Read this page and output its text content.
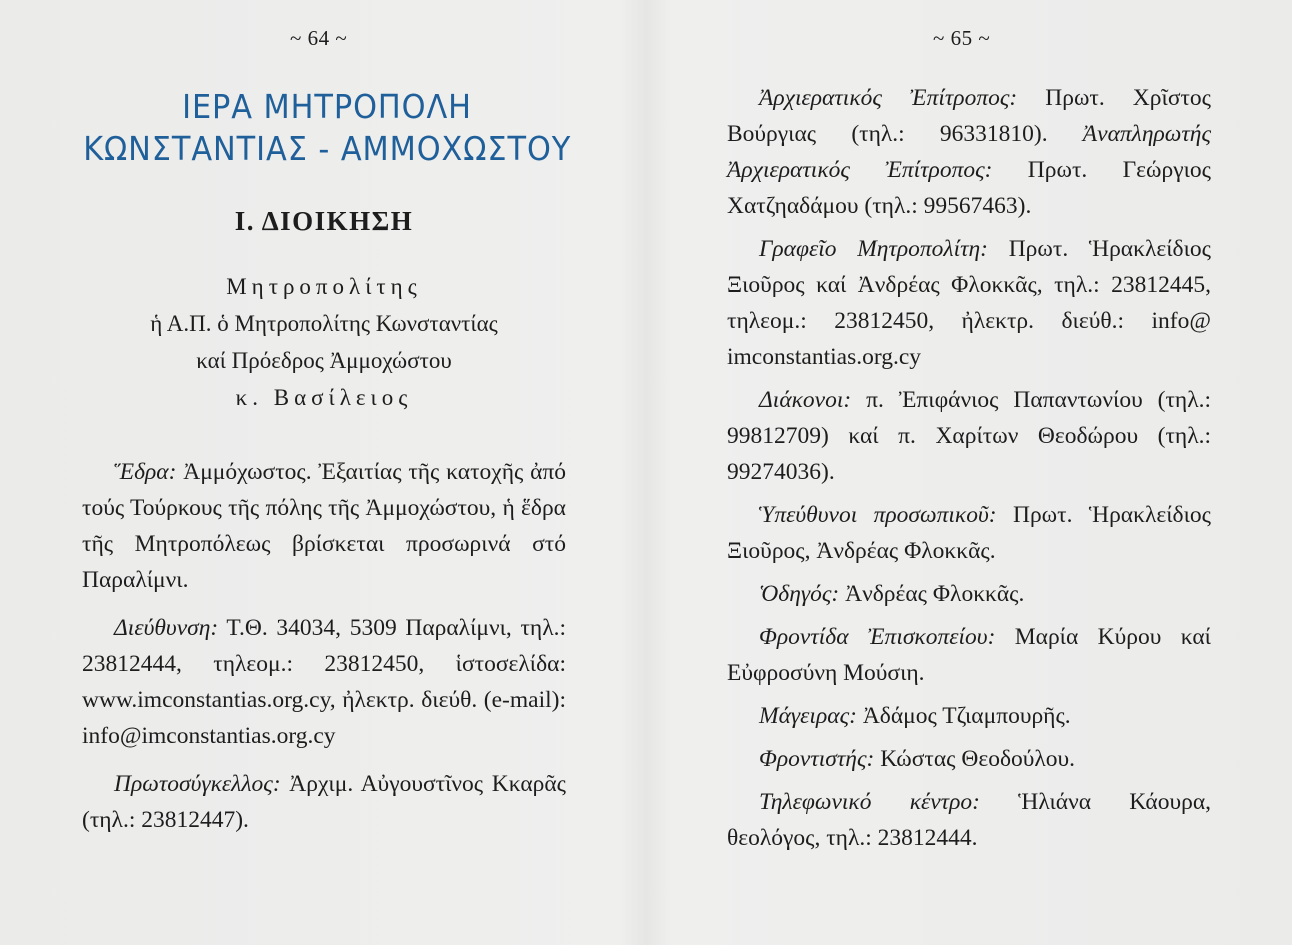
~ 64 ~
ΙΕΡΑ ΜΗΤΡΟΠΟΛΗ
ΚΩΝΣΤΑΝΤΙΑΣ - ΑΜΜΟΧΩΣΤΟΥ
Ι. ΔΙΟΙΚΗΣΗ
Μητροπολίτης
ἡ Α.Π. ὁ Μητροπολίτης Κωνσταντίας
καί Πρόεδρος Ἀμμοχώστου
κ. Βασίλειος

Ἕδρα: Ἀμμόχωστος. Ἐξαιτίας τῆς κατοχῆς ἀπό τούς Τούρκους τῆς πόλης τῆς Ἀμμοχώστου, ἡ ἕδρα τῆς Μητροπόλεως βρίσκεται προσωρινά στό Παραλίμνι.

Διεύθυνση: Τ.Θ. 34034, 5309 Παραλίμνι, τηλ.: 23812444, τηλεομ.: 23812450, ἱστοσελίδα: www.imconstantias.org.cy, ἠλεκτρ. διεύθ. (e-mail): info@imconstantias.org.cy

Πρωτοσύγκελλος: Ἀρχιμ. Αὐγουστῖνος Κκαρᾶς (τηλ.: 23812447).

~ 65 ~

Ἀρχιερατικός Ἐπίτροπος: Πρωτ. Χρῖστος Βούργιας (τηλ.: 96331810). Ἀναπληρωτής Ἀρχιερατικός Ἐπίτροπος: Πρωτ. Γεώργιος Χατζηαδάμου (τηλ.: 99567463).

Γραφεῖο Μητροπολίτη: Πρωτ. Ἡρακλείδιος Ξιοῦρος καί Ἀνδρέας Φλοκκᾶς, τηλ.: 23812445, τηλεομ.: 23812450, ἠλεκτρ. διεύθ.: info@ imconstantias.org.cy

Διάκονοι: π. Ἐπιφάνιος Παπαντωνίου (τηλ.: 99812709) καί π. Χαρίτων Θεοδώρου (τηλ.: 99274036).

Ὑπεύθυνοι προσωπικοῦ: Πρωτ. Ἡρακλείδιος Ξιοῦρος, Ἀνδρέας Φλοκκᾶς.

Ὁδηγός: Ἀνδρέας Φλοκκᾶς.

Φροντίδα Ἐπισκοπείου: Μαρία Κύρου καί Εὐφροσύνη Μούσιη.

Μάγειρας: Ἀδάμος Τζιαμπουρῆς.

Φροντιστής: Κώστας Θεοδούλου.

Τηλεφωνικό κέντρο: Ἡλιάνα Κάουρα, θεολόγος, τηλ.: 23812444.
